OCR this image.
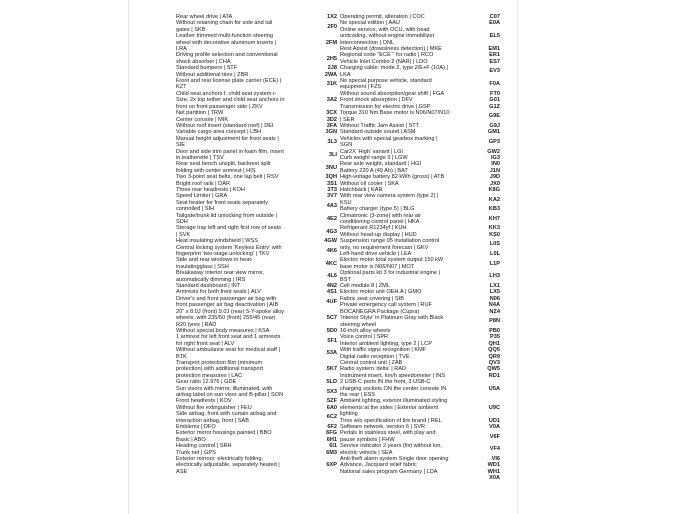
Rear wheel drive | ATA	1X2
Without retaining chain for side and tail
gates | SKB
2F0
Leather trimmed multi-function steering
wheel with decorative aluminum inserts |
LRA
2FM
Driving profile selection and conventional
shock absorber | CHA
2H5
Standard bumpers | STF	2J8
Without additional tires | ZBR	2WA
Front and rear license plate carrier (ECE) |
KZT
31K
Child seat anchors f. child seat system i-
Size, 2x top tether and child seat anchors in
front on front passenger side | ZKV
3A2
Net partition | TRW	3CX
Center console | MIK	3D2
Without roof insert (standard roof) | DEI	3FA
Variable cargo area concept | LBH	3GN
Manual height adjustment for front seats |
SIE
3L3
Door and side trim panel in foam film, insert
in leatherette | TSV
3LI
Rear seat bench unsplit, backrest split
folding with center armrest | HIS
3NU
Two 3-point seat belts, one lap belt | RSV	3QH
Bright roof rails | DAR	3S1
Three rear headrests | KOH	3T3
Speed Limiter | GRA	3V7
Seat heater for front seats separately
controlled | SIH
4A3
Tailgate/trunk lid unlocking from outside |
SDH
4E2
Storage tray left and right first row of seats
| SVK
4G3
Heat insulating windshield | WSS	4GW
Central locking system 'Keyless Entry' with
fingerprint 'two-stage unlocking' | TKV
4K6
Side and rear windows in heat-
insulatingglass | SSH
4KC
Breakaway interior rear view mirror,
automatically dimming | IRS
4L6
Standard dashboard | INT	4N2
Armrests for both front seats | ALV	4S1
Driver's and front passenger air bag with
front passenger air bag deactivation | AIB
4UF
20" x 8.0J (front) 9.0J (rear) 5-Y-spoke alloy
wheels, with 235/50 (front) 255/45 (rear)
R20 tyres | RAD
5C7
Without special body measures | KSA	5D0
1 armrest for left front seat and 1 armrests
for right front seat | ALV
5F1
Without ambulance seat for medical staff |
BTK
53A
Transport protection film (minimum
protection) with additional transport
protection measures | LAC
5K7
Gear ratio 12.976 | GDE	5LD
Sun visors with mirror, illuminated, with
airbag label on sun visor and B-pillar | SON
5X3
Front headrests | KOV	5ZF
Without fire extinguisher | FEU	6A0
Side airbag, front with curtain airbag and
interaction airbag, front | SAB
6C2
Emblems | DFO	6F2
Exterior mirror housings painted | BBO	6FG
Basic | ABO	6H1
Heading control | SRH	6I1
Trunk net | GPS	6M3
Exterior mirrors: electrically folding,
electrically adjustable, separately heated |
ASE
6XP
Operating permit, alteration | COC	C07
No special edition | AAU	E0A
Online service, with OCU, with head
unitcoding, without engine immobilizer
interconnection | ONL
EL5
Rest Assist (drowsiness detection) | MKE	EM1
Regional code "ECE " for radio | RCO	ER1
Vehicle Inlet Combo 2 (NAR) | LDO	ES7
Charging cable: mode 2, type 2/E+F (10A) |
LKA
EV3
No special purpose vehicle, standard
equipment | FZS
F0A
Without sound absorption/gear shift | FGA	FT0
Front shock absorption | DFV	G01
Transmission for electric drive | GSP	G1Z
Torque 310 Nm Base motor is N06/N07/N10
| SER
G9E
Without Traffic Jam Assist | STT	G9J
Standard outside sound | ASM	GM1
Vehicles with special gearbox marking |
SGN
GP3
Car2X 'High' variant | LGI	GW2
Curb weight range 3 | LGW	IG3
Rear axle weight, standard | HGI	IN0
Battery 220 A (49 Ah) | BAT	J1N
High-voltage battery 82 kWh (gross) | ATB	J9D
Without oil cooler | SKA	JX0
Hatchback | KAR	K8G
With rear view camera system (type 2) |
KSU
KA2
Battery charger (type 5) | BLG	KB3
Climatronic (3-zone) with rear air
conditioning control panel | HKA
KH7
Refrigerant R1234yf | KUH	KK3
Without head-up display | HUD	KS0
Suspension range 05 installation control
only, no requirement forecast | GKV
L0S
Left-hand drive vehicle | LEA	L0L
Electric motor total system output 150 kW
base motor is N06/N07 | MOT
L1P
Optional parts kit 3 for industrial engine |
BST
LH3
Cell module 8 | ZML	LX1
Electric motor unit OEH.A | GMO	LX5
Fabric seat covering | SIB	N06
Private emergency call system | RUF	N4A
BOCANEGRA Package (Cupra)	NZ4
'Interior Style' in Platinum Gray with Black
steering wheel
P8N
16-inch alloy wheels	PB0
Voice control | SPR	P35
Interior ambient lighting, type 2 | LCP	QH1
With traffic signs recognition | KMF	QQ5
Digital radio reception | TVE	QR9
Central control unit | ZAB	QV3
Radio system 'delta' | RAD	QW5
Instrument insert, km/h speedometer | INS	RD1
2 USB-C ports IN the front, 3 USB-C
charging sockets ON the center console IN
the rear | ESS
U5A
Ambient lighting, exterior illuminated styling
elements at the sides | Exterior ambient
lighting
U9C
Tires w/o specification of tire brand | REL	UD1
Software network, version 6 | SVR	V0A
Pedals in stainless steel, with play and
pause symbols | FHW
V6F
Service indicator 2 years (fix) without km,
electric vehicle | SEA
VF4
Anti-theft alarm system Single door opening	VI6
Advance, Jacquard relief fabric	WD1
National sales program Germany | LDA	WH1
X0A
